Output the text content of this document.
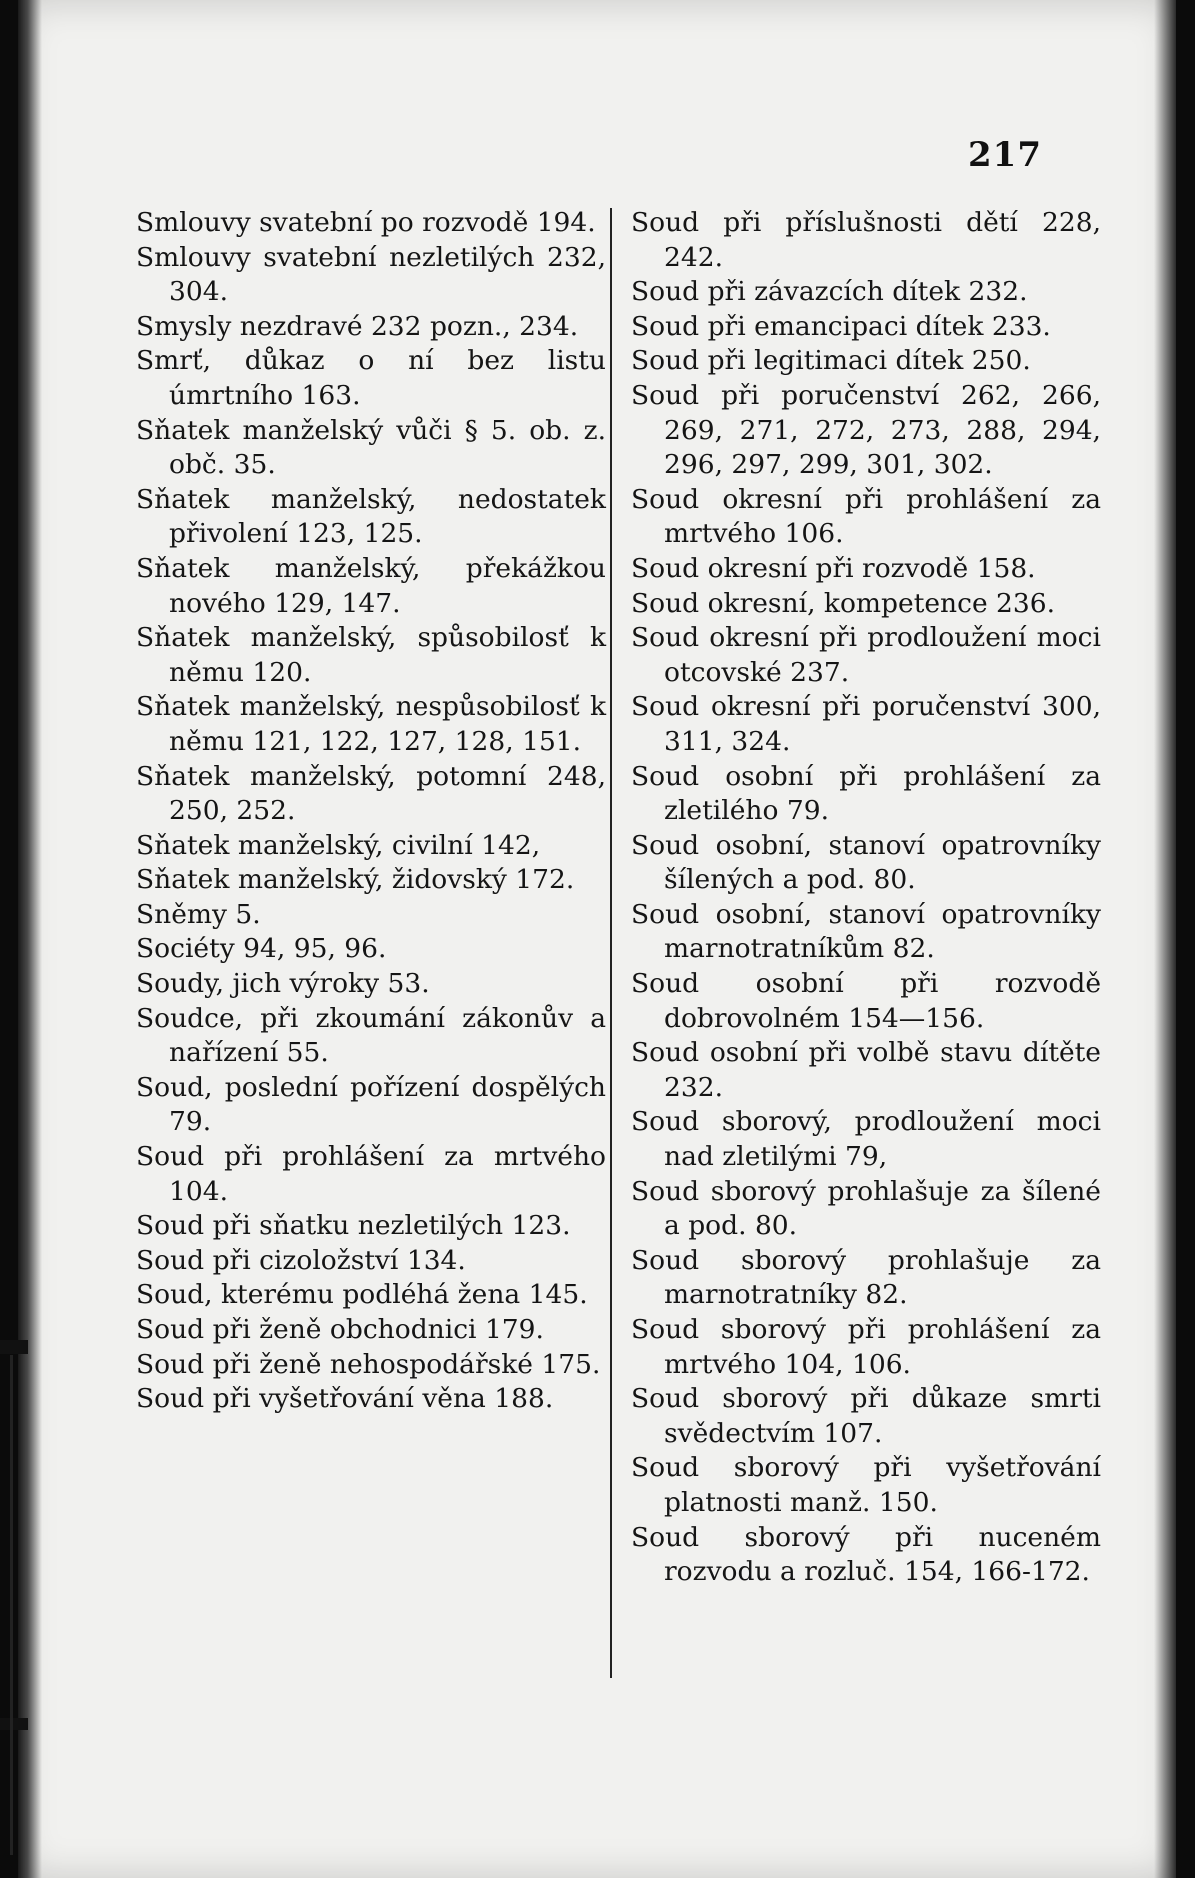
217

Smlouvy svatební po rozvodě 194.

Smlouvy svatební nezletilých 232, 304.

Smysly nezdravé 232 pozn., 234.

Smrť, důkaz o ní bez listu úmrtního 163.

Sňatek manželský vůči § 5. ob. z. obč. 35.

Sňatek manželský, nedostatek přivolení 123, 125.

Sňatek manželský, překážkou nového 129, 147.

Sňatek manželský, spůsobilosť k němu 120.

Sňatek manželský, nespůsobilosť k němu 121, 122, 127, 128, 151.

Sňatek manželský, potomní 248, 250, 252.

Sňatek manželský, civilní 142,

Sňatek manželský, židovský 172.

Sněmy 5.

Sociéty 94, 95, 96.

Soudy, jich výroky 53.

Soudce, při zkoumání zákonův a nařízení 55.

Soud, poslední pořízení dospělých 79.

Soud při prohlášení za mrtvého 104.

Soud při sňatku nezletilých 123.

Soud při cizoložství 134.

Soud, kterému podléhá žena 145.

Soud při ženě obchodnici 179.

Soud při ženě nehospodářské 175.

Soud při vyšetřování věna 188.

Soud při příslušnosti dětí 228, 242.

Soud při závazcích dítek 232.

Soud při emancipaci dítek 233.

Soud při legitimaci dítek 250.

Soud při poručenství 262, 266, 269, 271, 272, 273, 288, 294, 296, 297, 299, 301, 302.

Soud okresní při prohlášení za mrtvého 106.

Soud okresní při rozvodě 158.

Soud okresní, kompetence 236.

Soud okresní při prodloužení moci otcovské 237.

Soud okresní při poručenství 300, 311, 324.

Soud osobní při prohlášení za zletilého 79.

Soud osobní, stanoví opatrovníky šílených a pod. 80.

Soud osobní, stanoví opatrovníky marnotratníkům 82.

Soud osobní při rozvodě dobrovolném 154—156.

Soud osobní při volbě stavu dítěte 232.

Soud sborový, prodloužení moci nad zletilými 79,

Soud sborový prohlašuje za šílené a pod. 80.

Soud sborový prohlašuje za marnotratníky 82.

Soud sborový při prohlášení za mrtvého 104, 106.

Soud sborový při důkaze smrti svědectvím 107.

Soud sborový při vyšetřování platnosti manž. 150.

Soud sborový při nuceném rozvodu a rozluč. 154, 166-172.
